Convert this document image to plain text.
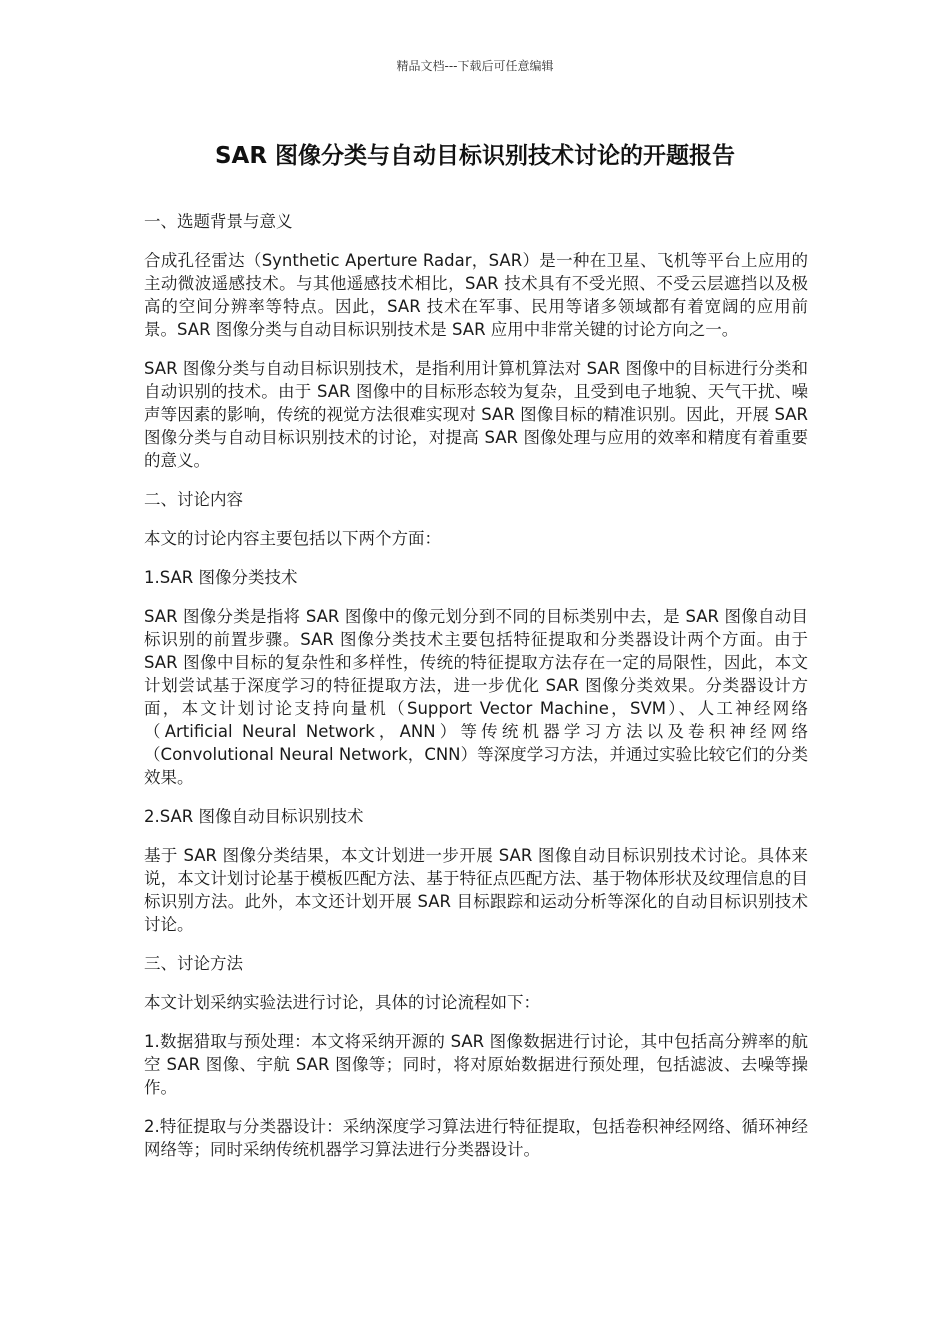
精品文档---下载后可任意编辑
SAR 图像分类与自动目标识别技术讨论的开题报告

一、选题背景与意义

合成孔径雷达（Synthetic Aperture Radar，SAR）是一种在卫星、飞机等平台上应用的主动微波遥感技术。与其他遥感技术相比，SAR 技术具有不受光照、不受云层遮挡以及极高的空间分辨率等特点。因此，SAR 技术在军事、民用等诸多领域都有着宽阔的应用前景。SAR 图像分类与自动目标识别技术是 SAR 应用中非常关键的讨论方向之一。

SAR 图像分类与自动目标识别技术，是指利用计算机算法对 SAR 图像中的目标进行分类和自动识别的技术。由于 SAR 图像中的目标形态较为复杂，且受到电子地貌、天气干扰、噪声等因素的影响，传统的视觉方法很难实现对 SAR 图像目标的精准识别。因此，开展 SAR 图像分类与自动目标识别技术的讨论，对提高 SAR 图像处理与应用的效率和精度有着重要的意义。

二、讨论内容

本文的讨论内容主要包括以下两个方面：

1.SAR 图像分类技术

SAR 图像分类是指将 SAR 图像中的像元划分到不同的目标类别中去，是 SAR 图像自动目标识别的前置步骤。SAR 图像分类技术主要包括特征提取和分类器设计两个方面。由于 SAR 图像中目标的复杂性和多样性，传统的特征提取方法存在一定的局限性，因此，本文计划尝试基于深度学习的特征提取方法，进一步优化 SAR 图像分类效果。分类器设计方面，本文计划讨论支持向量机（Support Vector Machine，SVM）、人工神经网络（Artificial Neural Network，ANN）等传统机器学习方法以及卷积神经网络（Convolutional Neural Network，CNN）等深度学习方法，并通过实验比较它们的分类效果。

2.SAR 图像自动目标识别技术

基于 SAR 图像分类结果，本文计划进一步开展 SAR 图像自动目标识别技术讨论。具体来说，本文计划讨论基于模板匹配方法、基于特征点匹配方法、基于物体形状及纹理信息的目标识别方法。此外，本文还计划开展 SAR 目标跟踪和运动分析等深化的自动目标识别技术讨论。

三、讨论方法

本文计划采纳实验法进行讨论，具体的讨论流程如下：

1.数据猎取与预处理：本文将采纳开源的 SAR 图像数据进行讨论，其中包括高分辨率的航空 SAR 图像、宇航 SAR 图像等；同时，将对原始数据进行预处理，包括滤波、去噪等操作。

2.特征提取与分类器设计：采纳深度学习算法进行特征提取，包括卷积神经网络、循环神经网络等；同时采纳传统机器学习算法进行分类器设计。
